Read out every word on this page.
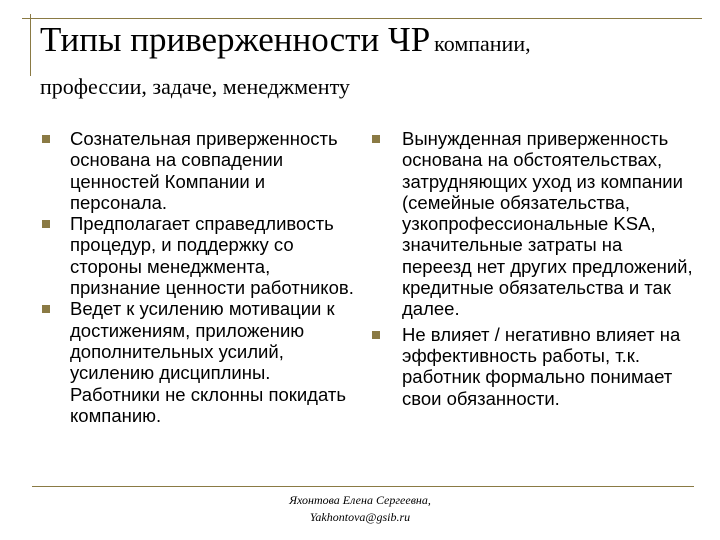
Типы приверженности ЧР компании,
профессии, задаче, менеджменту
Сознательная приверженность основана на совпадении ценностей Компании и персонала.
Предполагает справедливость процедур, и поддержку со стороны менеджмента, признание ценности работников.
Ведет к усилению мотивации к достижениям, приложению дополнительных усилий, усилению дисциплины. Работники не склонны покидать компанию.
Вынужденная приверженность основана на обстоятельствах, затрудняющих уход из компании (семейные обязательства, узкопрофессиональные KSA, значительные затраты на переезд нет других предложений, кредитные обязательства и так далее.
Не влияет / негативно влияет на эффективность работы, т.к. работник формально понимает свои обязанности.
Яхонтова Елена Сергеевна,
Yakhontova@gsib.ru
